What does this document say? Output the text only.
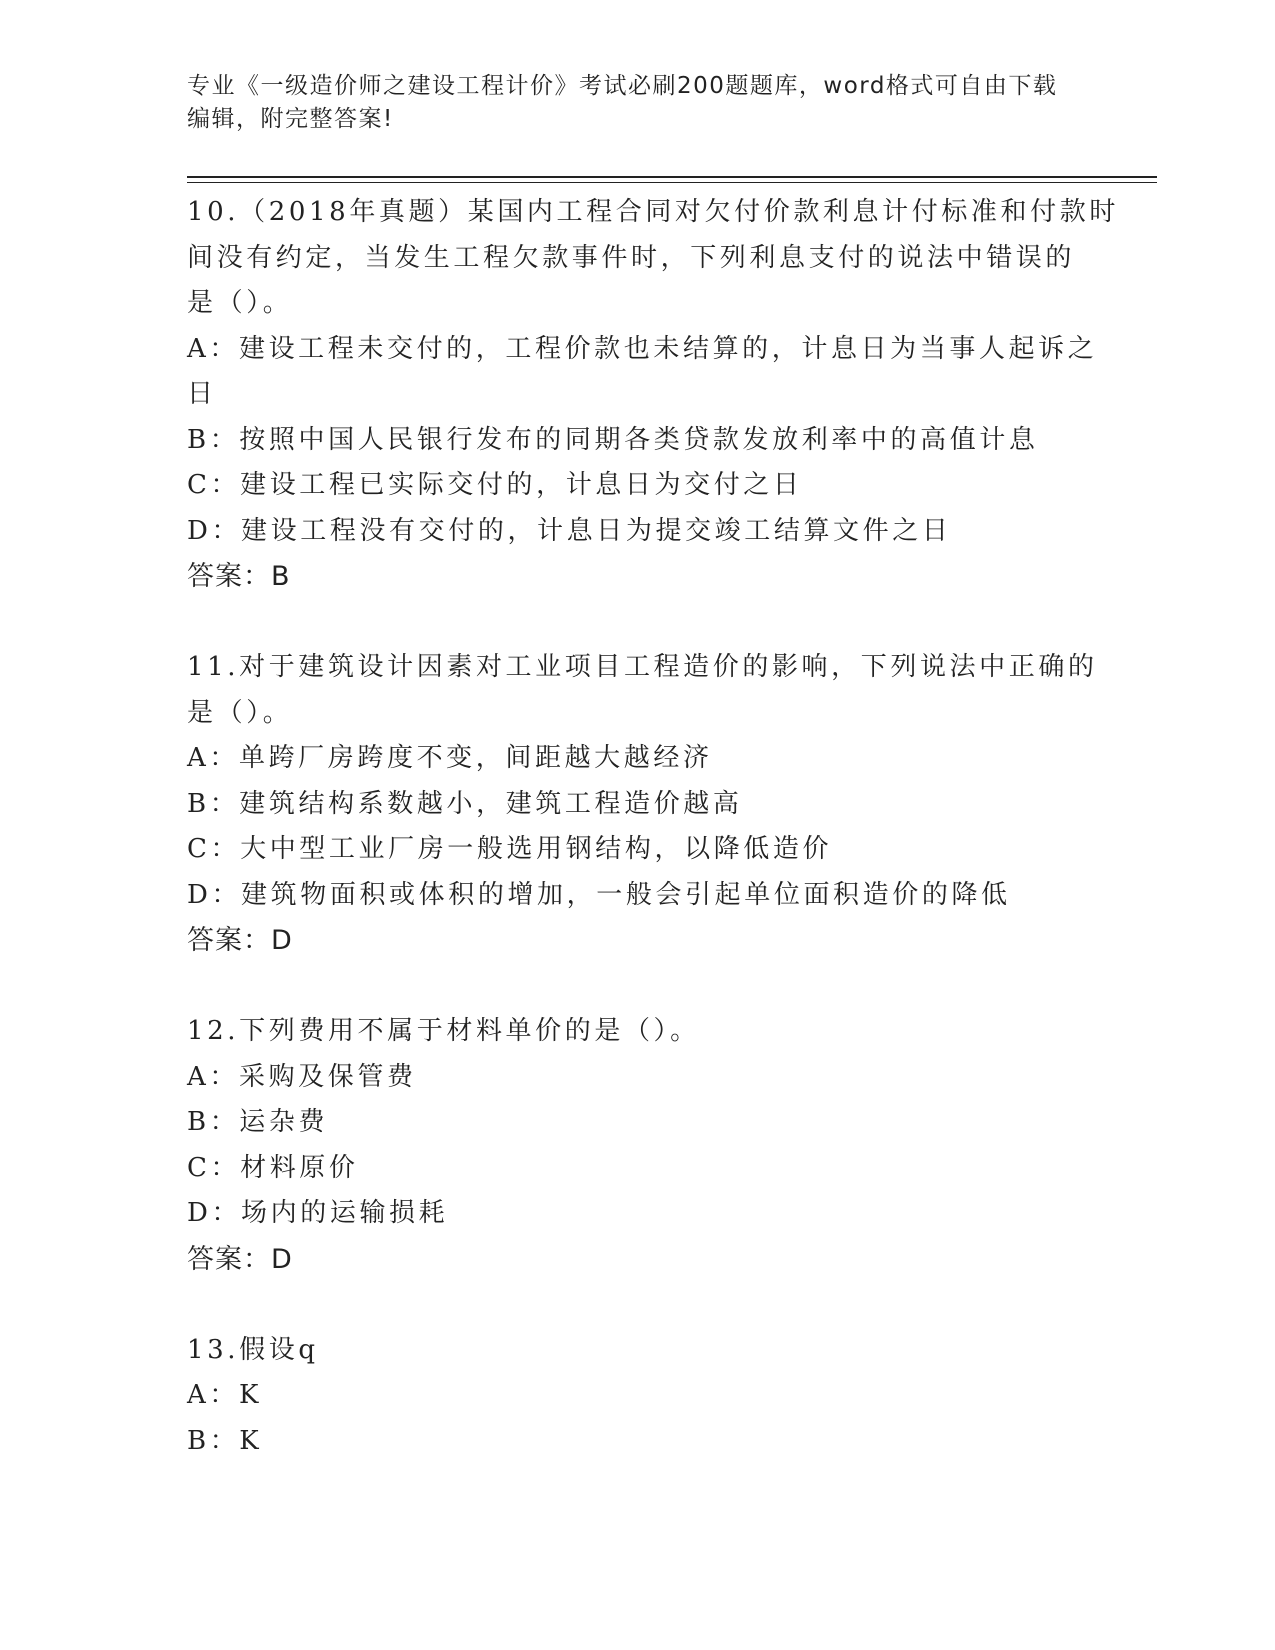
专业《一级造价师之建设工程计价》考试必刷200题题库，word格式可自由下载
编辑，附完整答案!
10.（2018年真题）某国内工程合同对欠付价款利息计付标准和付款时
间没有约定，当发生工程欠款事件时，下列利息支付的说法中错误的
是（）。
A：建设工程未交付的，工程价款也未结算的，计息日为当事人起诉之
日
B：按照中国人民银行发布的同期各类贷款发放利率中的高值计息
C：建设工程已实际交付的，计息日为交付之日
D：建设工程没有交付的，计息日为提交竣工结算文件之日
答案：B
11.对于建筑设计因素对工业项目工程造价的影响，下列说法中正确的
是（）。
A：单跨厂房跨度不变，间距越大越经济
B：建筑结构系数越小，建筑工程造价越高
C：大中型工业厂房一般选用钢结构，以降低造价
D：建筑物面积或体积的增加，一般会引起单位面积造价的降低
答案：D
12.下列费用不属于材料单价的是（）。
A：采购及保管费
B：运杂费
C：材料原价
D：场内的运输损耗
答案：D
13.假设q
A：K
B：K
